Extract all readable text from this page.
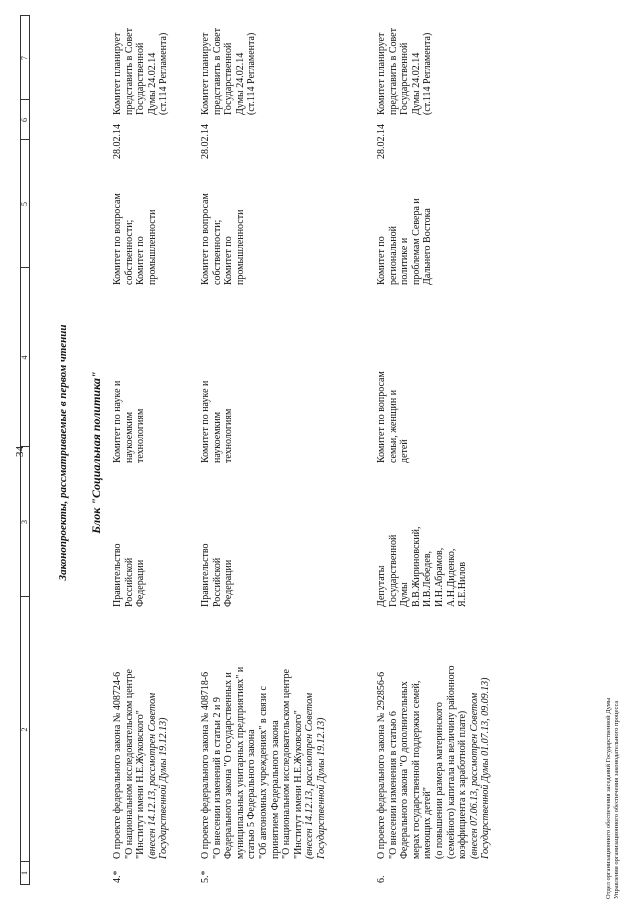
34
1
2
3
4
5
6
7
Законопроекты, рассматриваемые в первом чтении Блок "Социальная политика"
4.*
О проекте федерального закона № 408724-6 "О национальном исследовательском центре "Институт имени Н.Е.Жуковского" (внесен 14.12.13, рассмотрен Советом Государственной Думы 19.12.13)
Правительство Российской Федерации
Комитет по науке и наукоемким технологиям
Комитет по вопросам собственности; Комитет по промышленности
28.02.14
Комитет планирует представить в Совет Государственной Думы 24.02.14 (ст.114 Регламента)
5.*
О проекте федерального закона № 408718-6 "О внесении изменений в статьи 2 и 9 Федерального закона "О государственных и муниципальных унитарных предприятиях" и статью 5 Федерального закона "Об автономных учреждениях" в связи с принятием Федерального закона "О национальном исследовательском центре "Институт имени Н.Е.Жуковского" (внесен 14.12.13, рассмотрен Советом Государственной Думы 19.12.13)
Правительство Российской Федерации
Комитет по науке и наукоемким технологиям
Комитет по вопросам собственности; Комитет по промышленности
28.02.14
Комитет планирует представить в Совет Государственной Думы 24.02.14 (ст.114 Регламента)
6.
О проекте федерального закона № 292856-6 "О внесении изменения в статью 6 Федерального закона "О дополнительных мерах государственной поддержки семей, имеющих детей" (о повышении размера материнского (семейного) капитала на величину районного коэффициента к заработной плате) (внесен 07.06.13, рассмотрен Советом Государственной Думы 01.07.13, 09.09.13)
Депутаты Государственной Думы В.В.Жириновский, И.В.Лебедев, И.Н.Абрамов, А.Н.Диденко, Я.Е.Нилов
Комитет по вопросам семьи, женщин и детей
Комитет по региональной политике и проблемам Севера и Дальнего Востока
28.02.14
Комитет планирует представить в Совет Государственной Думы 24.02.14 (ст.114 Регламента)
Отдел организационного обеспечения заседаний Государственной Думы Управления организационного обеспечения законодательного процесса
